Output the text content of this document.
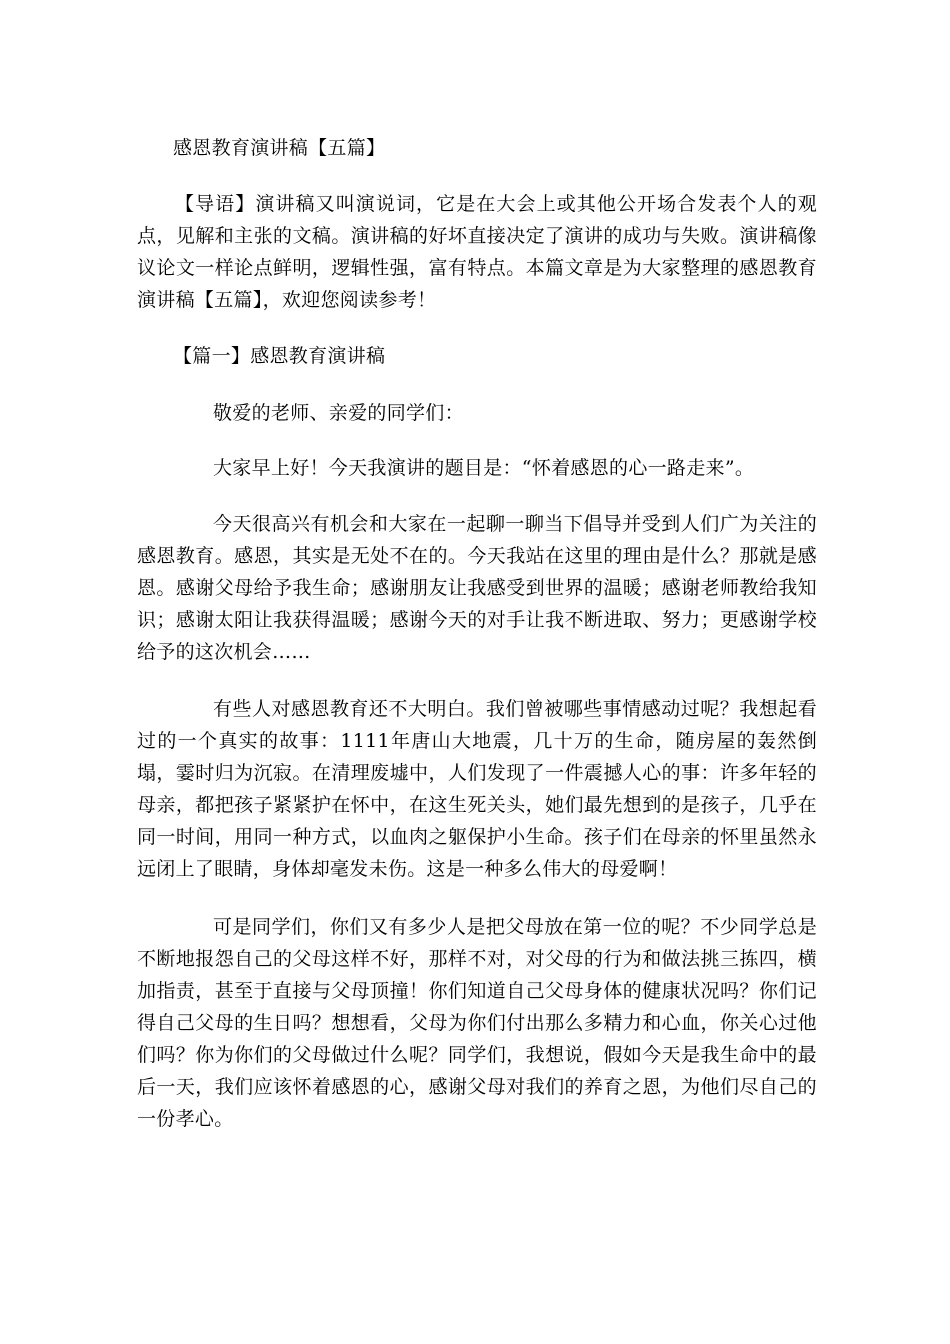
感恩教育演讲稿【五篇】

【导语】演讲稿又叫演说词，它是在大会上或其他公开场合发表个人的观点，见解和主张的文稿。演讲稿的好坏直接决定了演讲的成功与失败。演讲稿像议论文一样论点鲜明，逻辑性强，富有特点。本篇文章是为大家整理的感恩教育演讲稿【五篇】，欢迎您阅读参考！

【篇一】感恩教育演讲稿

敬爱的老师、亲爱的同学们：

大家早上好！今天我演讲的题目是：“怀着感恩的心一路走来”。

今天很高兴有机会和大家在一起聊一聊当下倡导并受到人们广为关注的感恩教育。感恩，其实是无处不在的。今天我站在这里的理由是什么？那就是感恩。感谢父母给予我生命；感谢朋友让我感受到世界的温暖；感谢老师教给我知识；感谢太阳让我获得温暖；感谢今天的对手让我不断进取、努力；更感谢学校给予的这次机会……

有些人对感恩教育还不大明白。我们曾被哪些事情感动过呢？我想起看过的一个真实的故事：1111年唐山大地震，几十万的生命，随房屋的轰然倒塌，霎时归为沉寂。在清理废墟中，人们发现了一件震撼人心的事：许多年轻的母亲，都把孩子紧紧护在怀中，在这生死关头，她们最先想到的是孩子，几乎在同一时间，用同一种方式，以血肉之躯保护小生命。孩子们在母亲的怀里虽然永远闭上了眼睛，身体却毫发未伤。这是一种多么伟大的母爱啊！

可是同学们，你们又有多少人是把父母放在第一位的呢？不少同学总是不断地报怨自己的父母这样不好，那样不对，对父母的行为和做法挑三拣四，横加指责，甚至于直接与父母顶撞！你们知道自己父母身体的健康状况吗？你们记得自己父母的生日吗？想想看，父母为你们付出那么多精力和心血，你关心过他们吗？你为你们的父母做过什么呢？同学们，我想说，假如今天是我生命中的最后一天，我们应该怀着感恩的心，感谢父母对我们的养育之恩，为他们尽自己的一份孝心。
